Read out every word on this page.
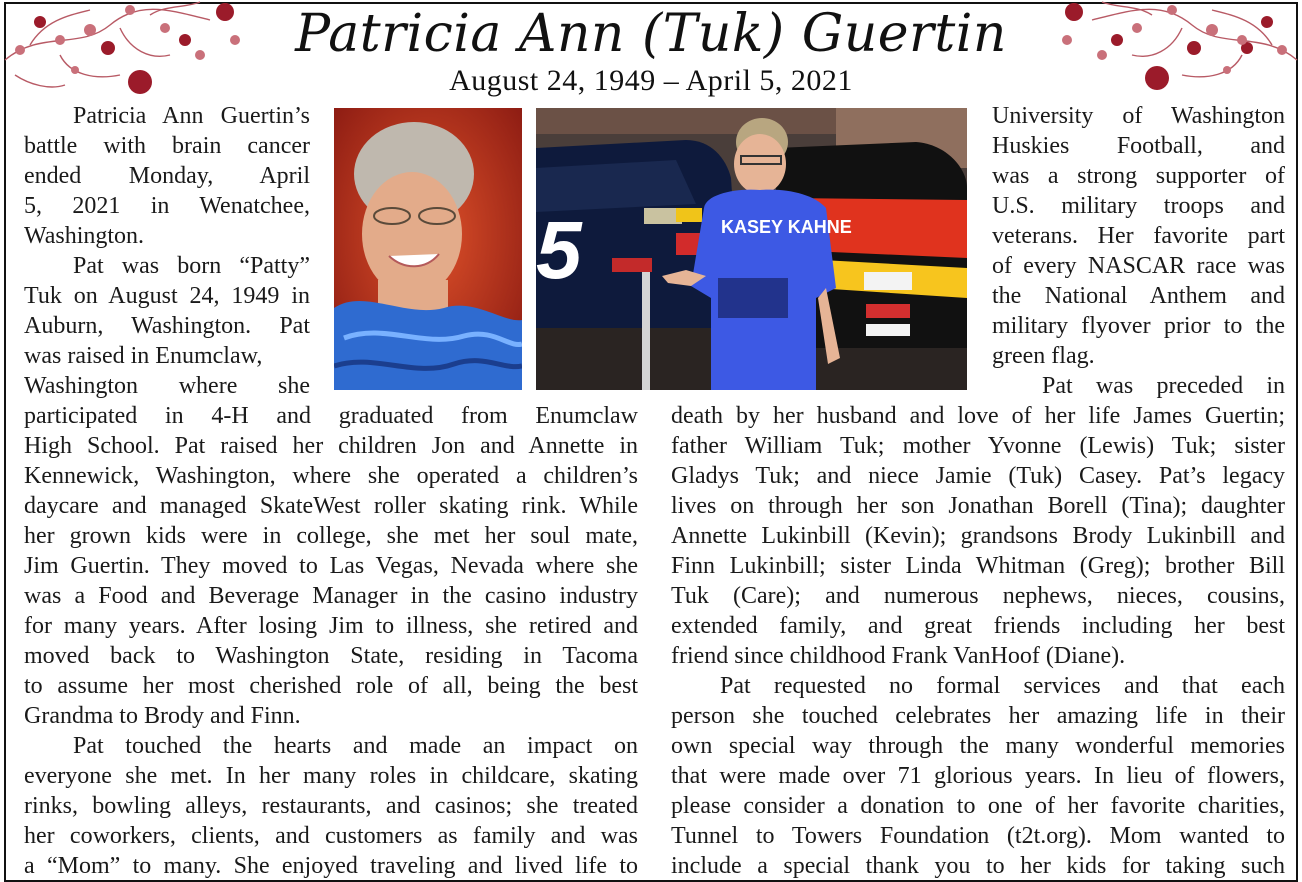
Patricia Ann (Tuk) Guertin
August 24, 1949 – April 5, 2021
5	KASEY KAHNE
Patricia Ann Guertin’s
battle with brain cancer
ended Monday, April
5, 2021 in Wenatchee,
Washington.
Pat was born “Patty”
Tuk on August 24, 1949 in
Auburn, Washington. Pat
was raised in Enumclaw,
Washington where she
participated in 4-H and graduated from Enumclaw
High School. Pat raised her children Jon and Annette in
Kennewick, Washington, where she operated a children’s
daycare and managed SkateWest roller skating rink. While
her grown kids were in college, she met her soul mate,
Jim Guertin. They moved to Las Vegas, Nevada where she
was a Food and Beverage Manager in the casino industry
for many years. After losing Jim to illness, she retired and
moved back to Washington State, residing in Tacoma
to assume her most cherished role of all, being the best
Grandma to Brody and Finn.
Pat touched the hearts and made an impact on
everyone she met. In her many roles in childcare, skating
rinks, bowling alleys, restaurants, and casinos; she treated
her coworkers, clients, and customers as family and was
a “Mom” to many. She enjoyed traveling and lived life to
University of Washington
Huskies Football, and
was a strong supporter of
U.S. military troops and
veterans. Her favorite part
of every NASCAR race was
the National Anthem and
military flyover prior to the
green flag.
Pat was preceded in
death by her husband and love of her life James Guertin;
father William Tuk; mother Yvonne (Lewis) Tuk; sister
Gladys Tuk; and niece Jamie (Tuk) Casey. Pat’s legacy
lives on through her son Jonathan Borell (Tina); daughter
Annette Lukinbill (Kevin); grandsons Brody Lukinbill and
Finn Lukinbill; sister Linda Whitman (Greg); brother Bill
Tuk (Care); and numerous nephews, nieces, cousins,
extended family, and great friends including her best
friend since childhood Frank VanHoof (Diane).
Pat requested no formal services and that each
person she touched celebrates her amazing life in their
own special way through the many wonderful memories
that were made over 71 glorious years. In lieu of flowers,
please consider a donation to one of her favorite charities,
Tunnel to Towers Foundation (t2t.org). Mom wanted to
include a special thank you to her kids for taking such
